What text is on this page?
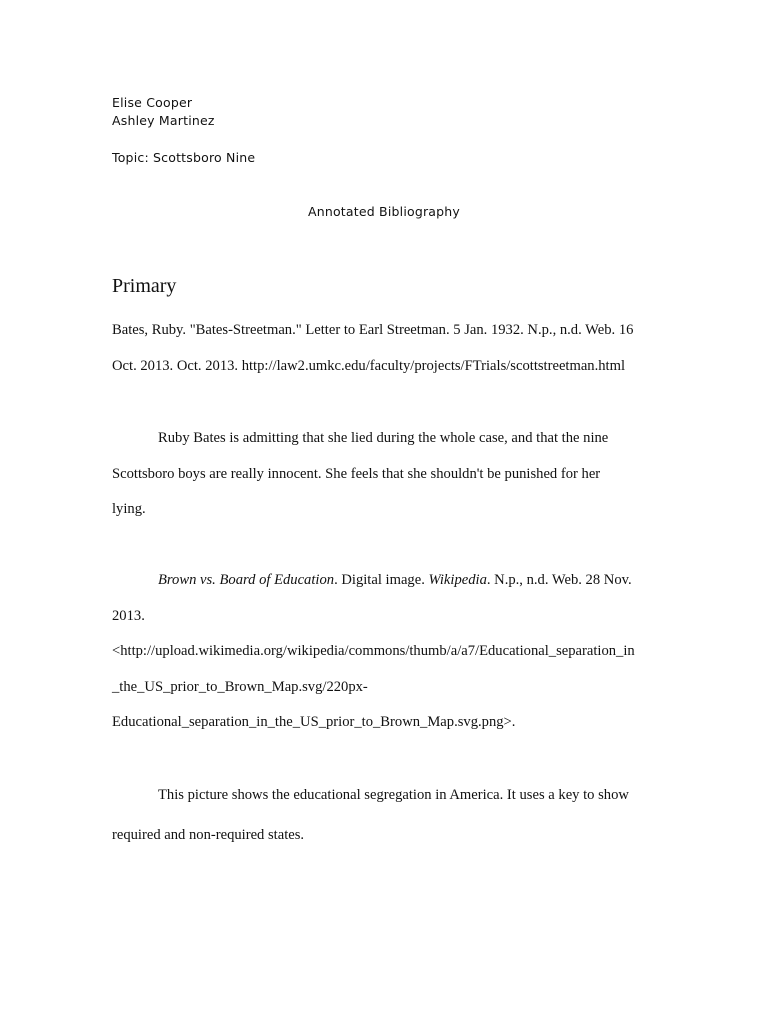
Elise Cooper
Ashley Martinez
Topic: Scottsboro Nine
Annotated Bibliography
Primary
Bates, Ruby. "Bates-Streetman." Letter to Earl Streetman. 5 Jan. 1932. N.p., n.d. Web. 16
Oct. 2013. Oct. 2013. http://law2.umkc.edu/faculty/projects/FTrials/scottstreetman.html
Ruby Bates is admitting that she lied during the whole case, and that the nine
Scottsboro boys are really innocent. She feels that she shouldn't be punished for her
lying.
Brown vs. Board of Education. Digital image. Wikipedia. N.p., n.d. Web. 28 Nov.
2013.
<http://upload.wikimedia.org/wikipedia/commons/thumb/a/a7/Educational_separation_in
_the_US_prior_to_Brown_Map.svg/220px-
Educational_separation_in_the_US_prior_to_Brown_Map.svg.png>.
This picture shows the educational segregation in America. It uses a key to show
required and non-required states.
